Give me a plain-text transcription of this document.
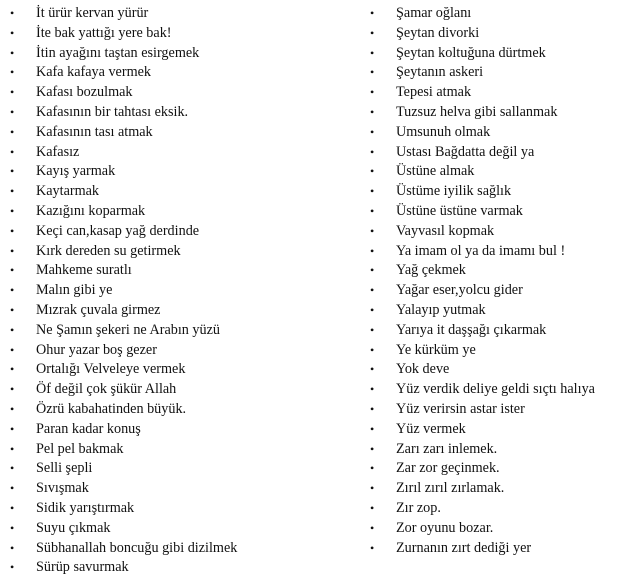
• İt ürür kervan yürür
• İte bak yattığı yere bak!
• İtin ayağını taştan esirgemek
• Kafa kafaya vermek
• Kafası bozulmak
• Kafasının bir tahtası eksik.
• Kafasının tası atmak
• Kafasız
• Kayış yarmak
• Kaytarmak
• Kazığını koparmak
• Keçi can,kasap yağ derdinde
• Kırk dereden su getirmek
• Mahkeme suratlı
• Malın gibi ye
• Mızrak çuvala girmez
• Ne Şamın şekeri ne Arabın yüzü
• Ohur yazar boş gezer
• Ortalığı Velveleye vermek
• Öf değil çok şükür Allah
• Özrü kabahatinden büyük.
• Paran kadar konuş
• Pel pel bakmak
• Selli şepli
• Sıvışmak
• Sidik yarıştırmak
• Suyu çıkmak
• Sübhanallah boncuğu gibi dizilmek
• Sürüp savurmak
• Şamar oğlanı
• Şeytan divorki
• Şeytan koltuğuna dürtmek
• Şeytanın askeri
• Tepesi atmak
• Tuzsuz helva gibi sallanmak
• Umsunuh olmak
• Ustası Bağdatta değil ya
• Üstüne almak
• Üstüme iyilik sağlık
• Üstüne üstüne varmak
• Vayvasıl kopmak
• Ya imam ol ya da imamı bul !
• Yağ çekmek
• Yağar eser,yolcu gider
• Yalayıp yutmak
• Yarıya it daşşağı çıkarmak
• Ye kürküm ye
• Yok deve
• Yüz verdik deliye geldi sıçtı halıya
• Yüz verirsin astar ister
• Yüz vermek
• Zarı zarı inlemek.
• Zar zor geçinmek.
• Zırıl zırıl zırlamak.
• Zır zop.
• Zor oyunu bozar.
• Zurnanın zırt dediği yer
